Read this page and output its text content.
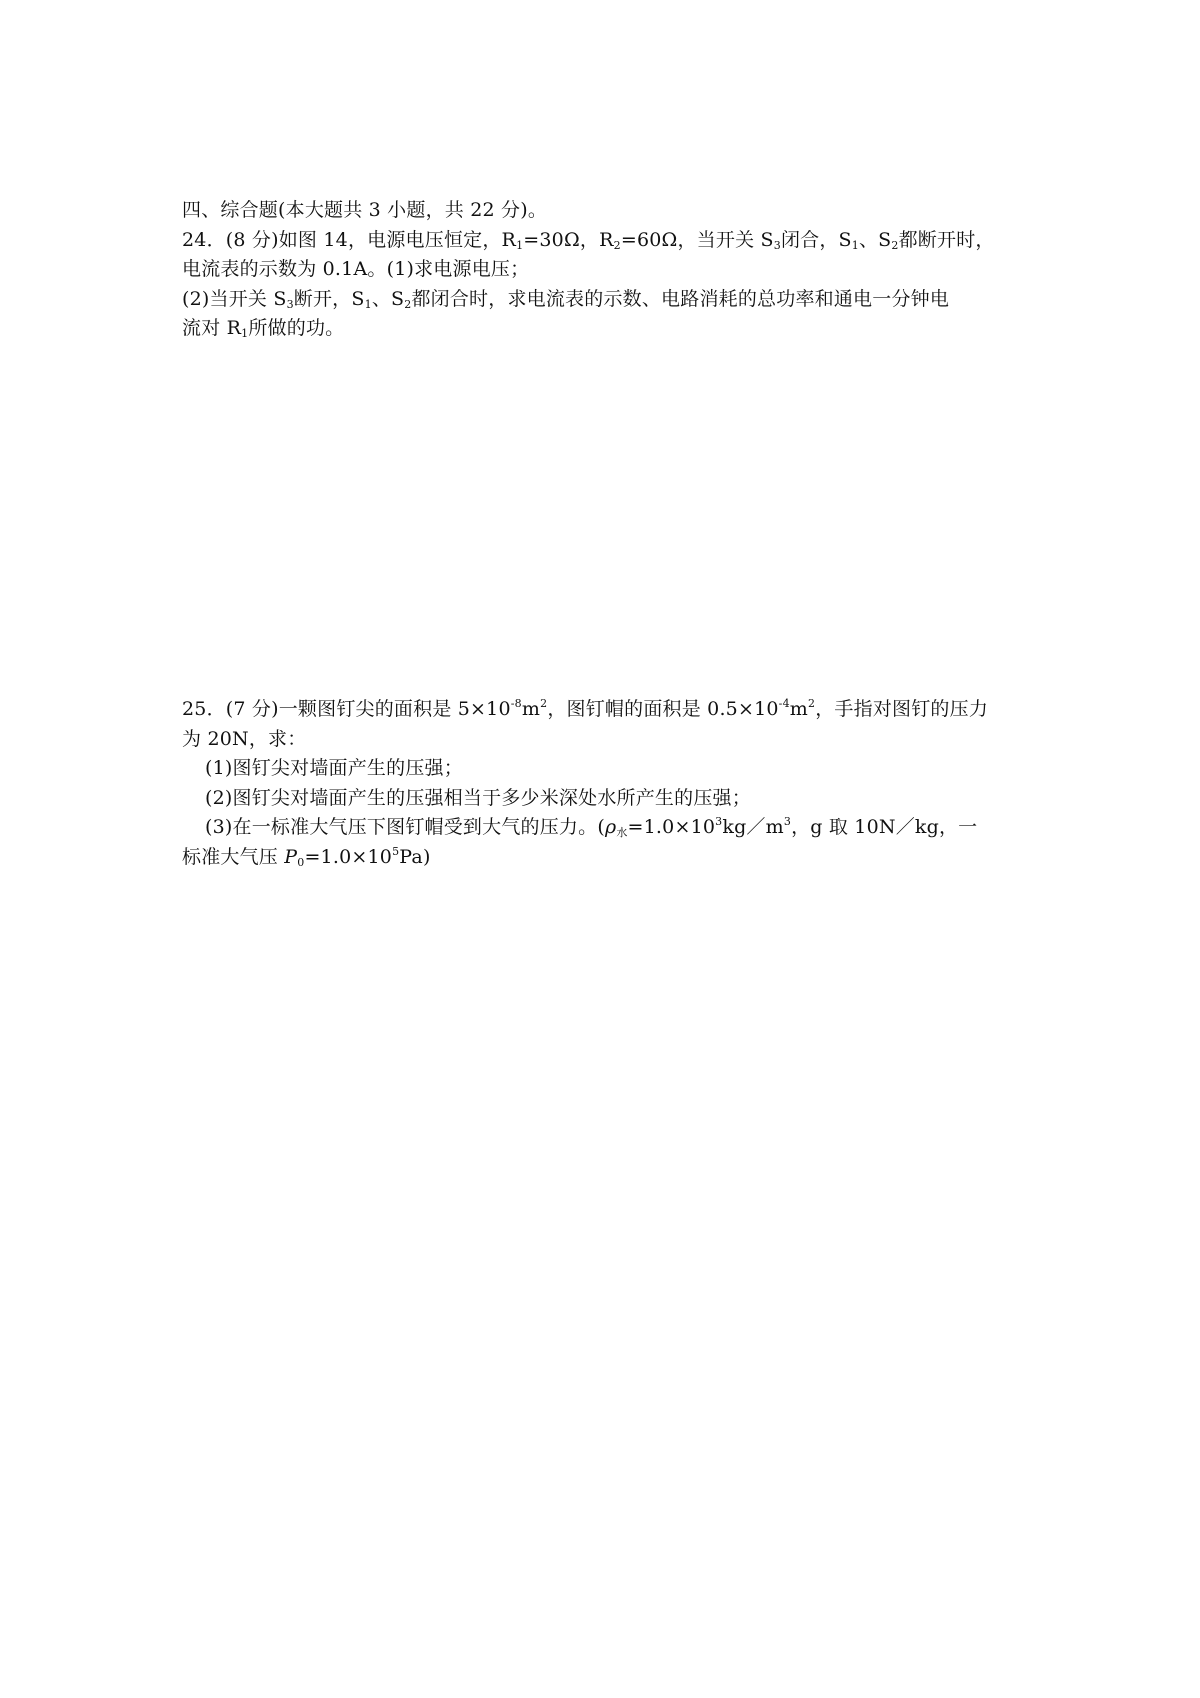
四、综合题(本大题共 3 小题，共 22 分)。
24．(8 分)如图 14，电源电压恒定，$R_1=30\Omega$，$R_2=60\Omega$，当开关 $S_3$闭合，$S_1$、$S_2$都断开时，
电流表的示数为 0.1A。(1)求电源电压；
(2)当开关 $S_3$断开，$S_1$、$S_2$都闭合时，求电流表的示数、电路消耗的总功率和通电一分钟电
流对 $R_1$所做的功。
25．(7 分)一颗图钉尖的面积是 $5\times 10^{-8}m^2$，图钉帽的面积是 $0.5\times 10^{-4}m^2$，手指对图钉的压力
为 20N，求：
(1)图钉尖对墙面产生的压强；
(2)图钉尖对墙面产生的压强相当于多少米深处水所产生的压强；
(3)在一标准大气压下图钉帽受到大气的压力。($\rho_水=1.0\times 10^3kg/m^3$，g 取 10N／kg，一
标准大气压 $P_0=1.0\times 10^5Pa$)
